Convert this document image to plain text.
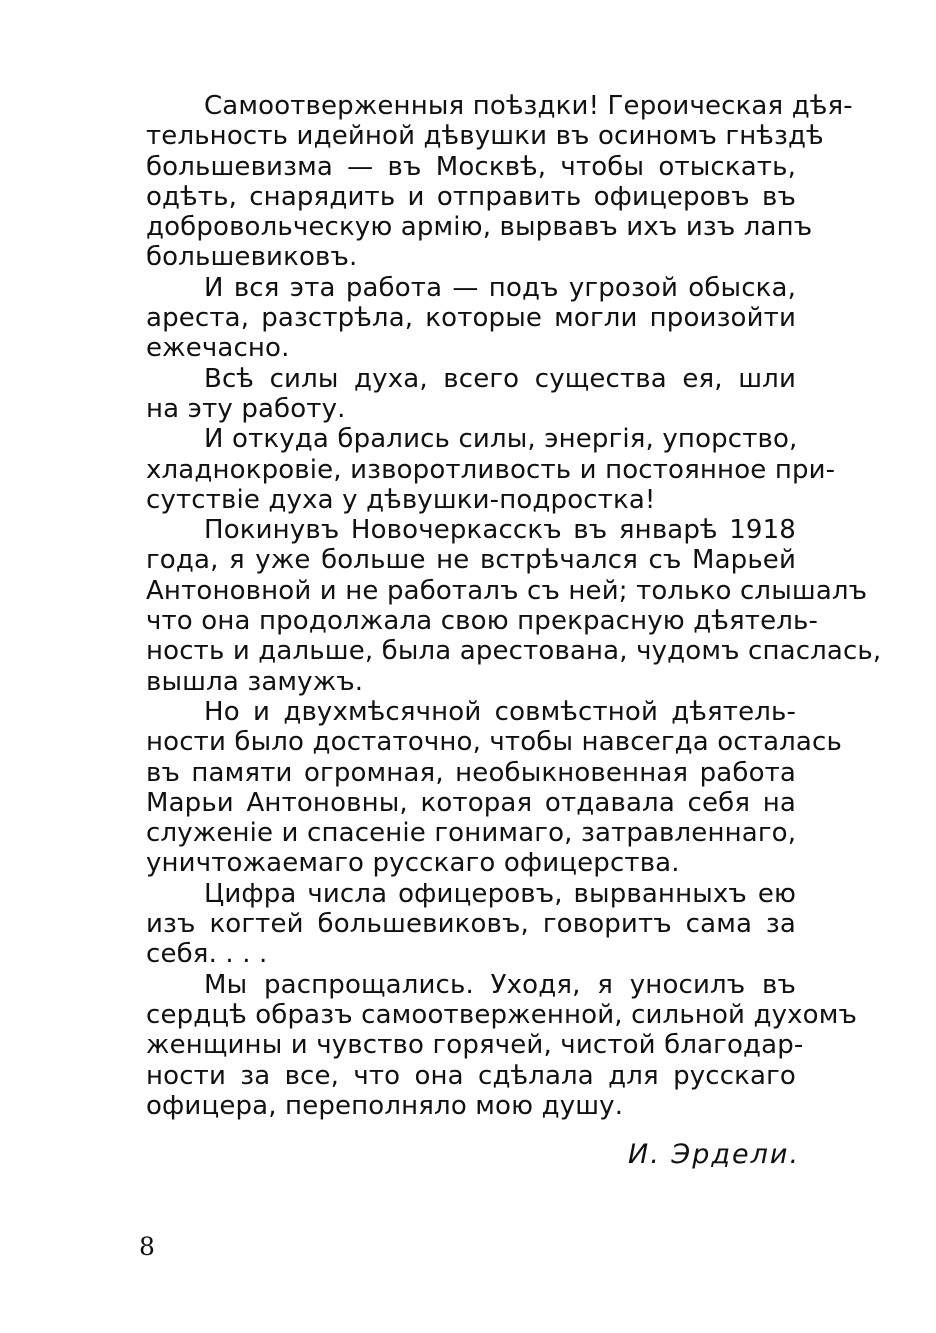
Самоотверженныя поѣздки! Героическая дѣя-
тельность идейной дѣвушки въ осиномъ гнѣздѣ
большевизма — въ Москвѣ, чтобы отыскать,
одѣть, снарядить и отправить офицеровъ въ
добровольческую армію, вырвавъ ихъ изъ лапъ
большевиковъ.
И вся эта работа — подъ угрозой обыска,
ареста, разстрѣла, которые могли произойти
ежечасно.
Всѣ силы духа, всего существа ея, шли
на эту работу.
И откуда брались силы, энергія, упорство,
хладнокровіе, изворотливость и постоянное при-
сутствіе духа у дѣвушки-подростка!
Покинувъ Новочеркасскъ въ январѣ 1918
года, я уже больше не встрѣчался съ Марьей
Антоновной и не работалъ съ ней; только слышалъ
что она продолжала свою прекрасную дѣятель-
ность и дальше, была арестована, чудомъ спаслась,
вышла замужъ.
Но и двухмѣсячной совмѣстной дѣятель-
ности было достаточно, чтобы навсегда осталась
въ памяти огромная, необыкновенная работа
Марьи Антоновны, которая отдавала себя на
служеніе и спасеніе гонимаго, затравленнаго,
уничтожаемаго русскаго офицерства.
Цифра числа офицеровъ, вырванныхъ ею
изъ когтей большевиковъ, говоритъ сама за
себя. . . .
Мы распрощались. Уходя, я уносилъ въ
сердцѣ образъ самоотверженной, сильной духомъ
женщины и чувство горячей, чистой благодар-
ности за все, что она сдѣлала для русскаго
офицера, переполняло мою душу.
И. Эрдели.
8
